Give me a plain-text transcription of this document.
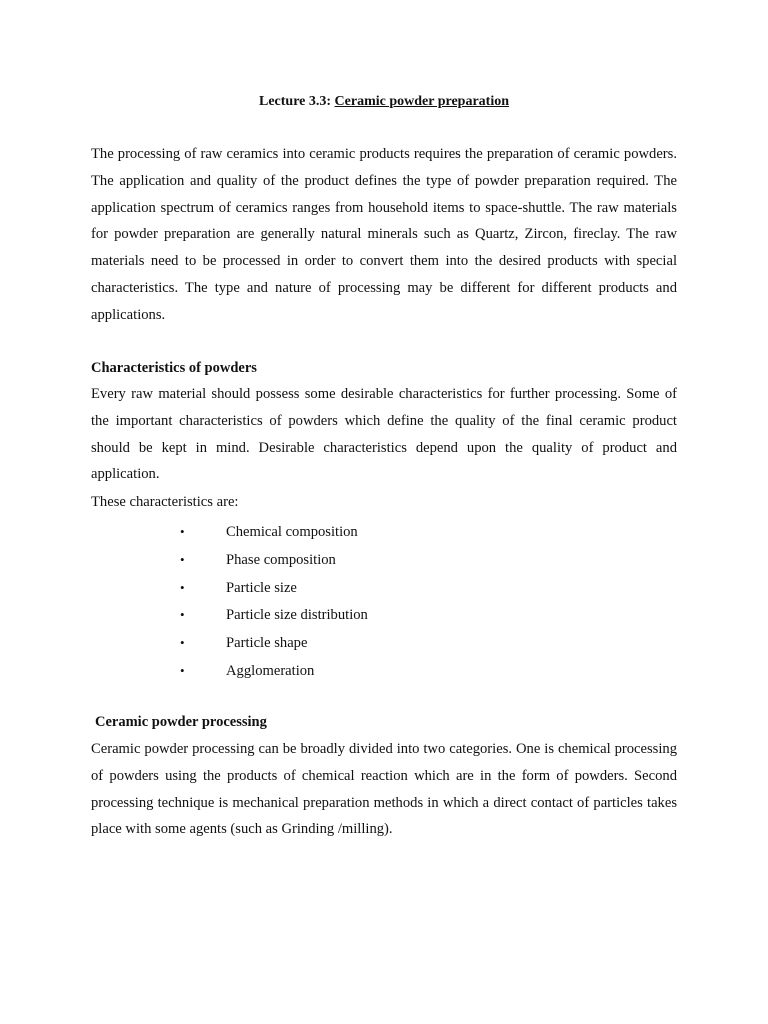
Lecture 3.3: Ceramic powder preparation

The processing of raw ceramics into ceramic products requires the preparation of ceramic powders. The application and quality of the product defines the type of powder preparation required. The application spectrum of ceramics ranges from household items to space-shuttle. The raw materials for powder preparation are generally natural minerals such as Quartz, Zircon, fireclay. The raw materials need to be processed in order to convert them into the desired products with special characteristics. The type and nature of processing may be different for different products and applications.

Characteristics of powders

Every raw material should possess some desirable characteristics for further processing. Some of the important characteristics of powders which define the quality of the final ceramic product should be kept in mind. Desirable characteristics depend upon the quality of product and application.

These characteristics are:
•	Chemical composition
•	Phase composition
•	Particle size
•	Particle size distribution
•	Particle shape
•	Agglomeration
Ceramic powder processing

Ceramic powder processing can be broadly divided into two categories. One is chemical processing of powders using the products of chemical reaction which are in the form of powders. Second processing technique is mechanical preparation methods in which a direct contact of particles takes place with some agents (such as Grinding /milling).
